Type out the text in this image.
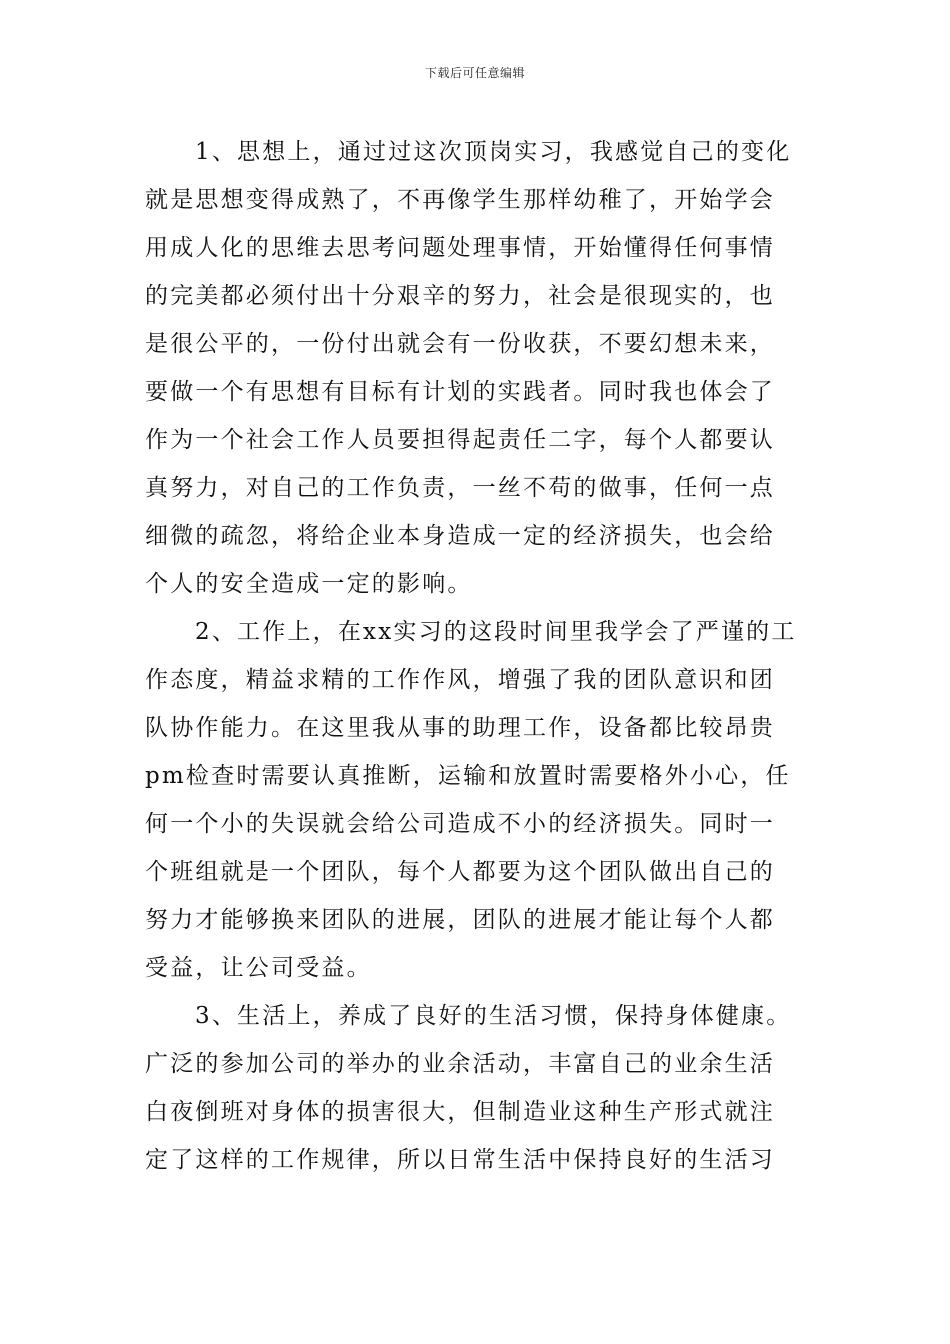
下载后可任意编辑
1、思想上，通过过这次顶岗实习，我感觉自己的变化
就是思想变得成熟了，不再像学生那样幼稚了，开始学会
用成人化的思维去思考问题处理事情，开始懂得任何事情
的完美都必须付出十分艰辛的努力，社会是很现实的，也
是很公平的，一份付出就会有一份收获，不要幻想未来，
要做一个有思想有目标有计划的实践者。同时我也体会了
作为一个社会工作人员要担得起责任二字，每个人都要认
真努力，对自己的工作负责，一丝不苟的做事，任何一点
细微的疏忽，将给企业本身造成一定的经济损失，也会给
个人的安全造成一定的影响。
2、工作上，在xx实习的这段时间里我学会了严谨的工
作态度，精益求精的工作作风，增强了我的团队意识和团
队协作能力。在这里我从事的助理工作，设备都比较昂贵
pm检查时需要认真推断，运输和放置时需要格外小心，任
何一个小的失误就会给公司造成不小的经济损失。同时一
个班组就是一个团队，每个人都要为这个团队做出自己的
努力才能够换来团队的进展，团队的进展才能让每个人都
受益，让公司受益。
3、生活上，养成了良好的生活习惯，保持身体健康。
广泛的参加公司的举办的业余活动，丰富自己的业余生活
白夜倒班对身体的损害很大，但制造业这种生产形式就注
定了这样的工作规律，所以日常生活中保持良好的生活习
